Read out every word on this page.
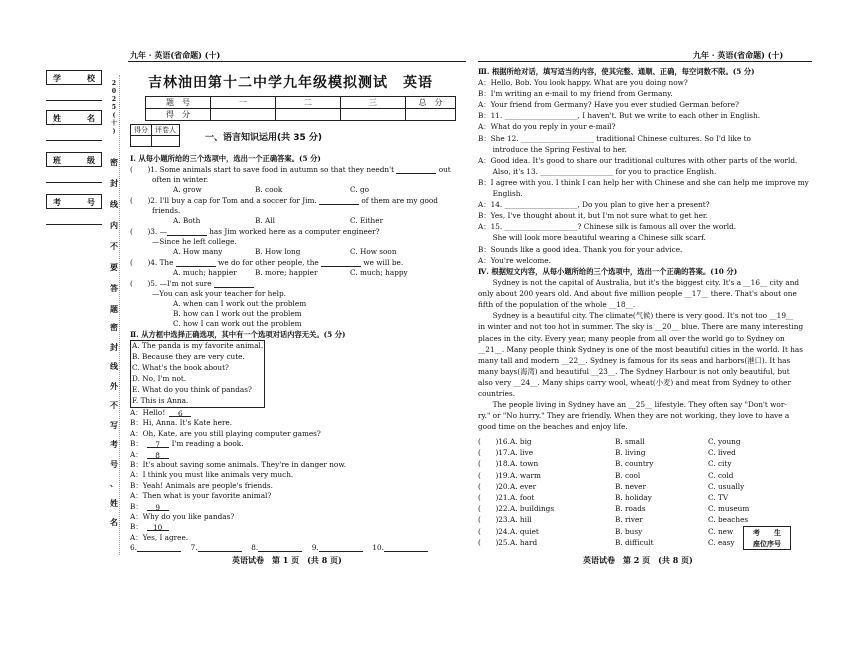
九年 · 英语(省命题) (十)	九年 · 英语(省命题) (十)
学	校
姓	名
班	级
考	号
2
0
2
5
(
十
)
密
封
线
内
不
要
答
题
密
封
线
外
不
写
考
号
、
姓
名
吉林油田第十二中学九年级模拟测试　英语
题　号	一	二	三	总　分
得　分				
得分	评卷人

一、语言知识运用(共 35 分)
Ⅰ. 从每小题所给的三个选项中，选出一个正确答案。(5 分)
(　　)1. Some animals start to save food in autumn so that they needn't	out
often in winter.
A. grow	B. cook	C. go
(　　)2. I'll buy a cap for Tom and a soccer for Jim.	of them are my good
friends.
A. Both	B. All	C. Either
(　　)3. —	has Jim worked here as a computer engineer?
—Since he left college.
A. How many	B. How long	C. How soon
(　　)4. The	we do for other people, the	we will be.
A. much; happier	B. more; happier	C. much; happy
(　　)5. —I'm not sure
—You can ask your teacher for help.
A. when can I work out the problem
B. how can I work out the problem
C. how I can work out the problem
Ⅱ. 从方框中选择正确选项，其中有一个选项对话内容无关。(5 分)
A. The panda is my favorite animal.
B. Because they are very cute.
C. What's the book about?
D. No, I'm not.
E. What do you think of pandas?
F. This is Anna.
A：Hello! 6
B：Hi, Anna. It's Kate here.
A：Oh, Kate, are you still playing computer games?
B： 7 I'm reading a book.
A： 8
B：It's about saving some animals. They're in danger now.
A：I think you must like animals very much.
B：Yeah! Animals are people's friends.
A：Then what is your favorite animal?
B： 9
A：Why do you like pandas?
B： 10
A：Yes, I agree.
6. 　	7. 　	8. 　	9. 　	10.
英语试卷　第 1 页　(共 8 页)
Ⅲ. 根据所给对话，填写适当的内容，使其完整、通顺、正确，每空词数不限。(5 分)
A：Hello, Bob. You look happy. What are you doing now?
B：I'm writing an e-mail to my friend from Germany.
A：Your friend from Germany? Have you ever studied German before?
B：11. ____________________, I haven't. But we write to each other in English.
A：What do you reply in your e-mail?
B：She 12. ____________________ traditional Chinese cultures. So I'd like to
　　introduce the Spring Festival to her.
A：Good idea. It's good to share our traditional cultures with other parts of the world.
　　Also, it's 13. ____________________ for you to practice English.
B：I agree with you. I think I can help her with Chinese and she can help me improve my
　　English.
A：14. ____________________, Do you plan to give her a present?
B：Yes, I've thought about it, but I'm not sure what to get her.
A：15. ____________________? Chinese silk is famous all over the world.
　　She will look more beautiful wearing a Chinese silk scarf.
B：Sounds like a good idea. Thank you for your advice.
A：You're welcome.
Ⅳ. 根据短文内容，从每小题所给的三个选项中，选出一个正确的答案。(10 分)
　　Sydney is not the capital of Australia, but it's the biggest city. It's a __16__ city and
only about 200 years old. And about five million people __17__ there. That's about one
fifth of the population of the whole __18__.
　　Sydney is a beautiful city. The climate(气候) there is very good. It's not too __19__
in winter and not too hot in summer. The sky is __20__ blue. There are many interesting
places in the city. Every year, many people from all over the world go to Sydney on
__21__. Many people think Sydney is one of the most beautiful cities in the world. It has
many tall and modern __22__. Sydney is famous for its seas and harbors(港口). It has
many bays(海湾) and beautiful __23__. The Sydney Harbour is not only beautiful, but
also very __24__. Many ships carry wool, wheat(小麦) and meat from Sydney to other
countries.
　　The people living in Sydney have an __25__ lifestyle. They often say "Don't wor-
ry." or "No hurry." They are friendly. When they are not working, they love to have a
good time on the beaches and enjoy life.
(　　)16. A. big	B. small	C. young
(　　)17. A. live	B. living	C. lived
(　　)18. A. town	B. country	C. city
(　　)19. A. warm	B. cool	C. cold
(　　)20. A. ever	B. never	C. usually
(　　)21. A. foot	B. holiday	C. TV
(　　)22. A. buildings	B. roads	C. museum
(　　)23. A. hill	B. river	C. beaches
(　　)24. A. quiet	B. busy	C. new
(　　)25. A. hard	B. difficult	C. easy
考　　生
座位序号
英语试卷　第 2 页　(共 8 页)
